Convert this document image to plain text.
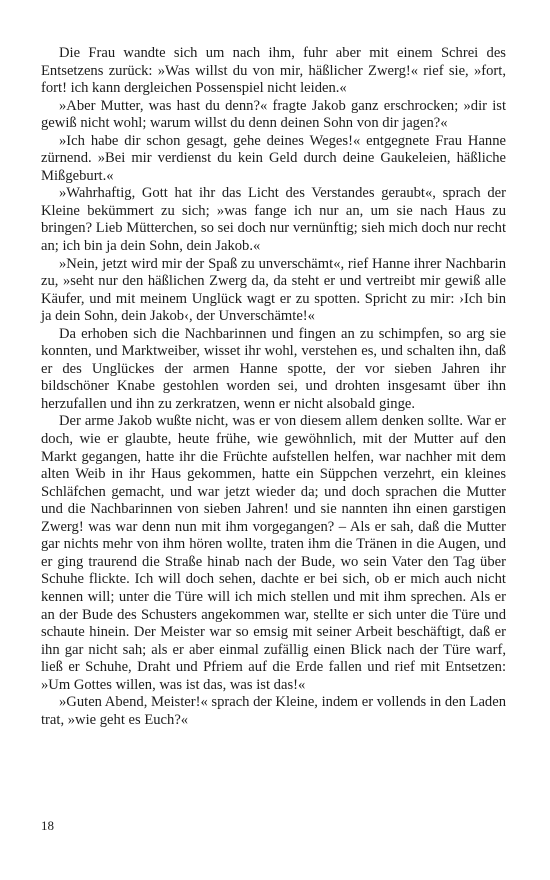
Die Frau wandte sich um nach ihm, fuhr aber mit einem Schrei des Entsetzens zurück: »Was willst du von mir, häßlicher Zwerg!« rief sie, »fort, fort! ich kann dergleichen Possenspiel nicht leiden.«

»Aber Mutter, was hast du denn?« fragte Jakob ganz erschrocken; »dir ist gewiß nicht wohl; warum willst du denn deinen Sohn von dir jagen?«

»Ich habe dir schon gesagt, gehe deines Weges!« entgegnete Frau Hanne zürnend. »Bei mir verdienst du kein Geld durch deine Gaukeleien, häßliche Mißgeburt.«

»Wahrhaftig, Gott hat ihr das Licht des Verstandes geraubt«, sprach der Kleine bekümmert zu sich; »was fange ich nur an, um sie nach Haus zu bringen? Lieb Mütterchen, so sei doch nur vernünftig; sieh mich doch nur recht an; ich bin ja dein Sohn, dein Jakob.«

»Nein, jetzt wird mir der Spaß zu unverschämt«, rief Hanne ihrer Nachbarin zu, »seht nur den häßlichen Zwerg da, da steht er und vertreibt mir gewiß alle Käufer, und mit meinem Unglück wagt er zu spotten. Spricht zu mir: ›Ich bin ja dein Sohn, dein Jakob‹, der Unverschämte!«

Da erhoben sich die Nachbarinnen und fingen an zu schimpfen, so arg sie konnten, und Marktweiber, wisset ihr wohl, verstehen es, und schalten ihn, daß er des Unglückes der armen Hanne spotte, der vor sieben Jahren ihr bildschöner Knabe gestohlen worden sei, und drohten insgesamt über ihn herzufallen und ihn zu zerkratzen, wenn er nicht alsobald ginge.

Der arme Jakob wußte nicht, was er von diesem allem denken sollte. War er doch, wie er glaubte, heute frühe, wie gewöhnlich, mit der Mutter auf den Markt gegangen, hatte ihr die Früchte aufstellen helfen, war nachher mit dem alten Weib in ihr Haus gekommen, hatte ein Süppchen verzehrt, ein kleines Schläfchen gemacht, und war jetzt wieder da; und doch sprachen die Mutter und die Nachbarinnen von sieben Jahren! und sie nannten ihn einen garstigen Zwerg! was war denn nun mit ihm vorgegangen? – Als er sah, daß die Mutter gar nichts mehr von ihm hören wollte, traten ihm die Tränen in die Augen, und er ging traurend die Straße hinab nach der Bude, wo sein Vater den Tag über Schuhe flickte. Ich will doch sehen, dachte er bei sich, ob er mich auch nicht kennen will; unter die Türe will ich mich stellen und mit ihm sprechen. Als er an der Bude des Schusters angekommen war, stellte er sich unter die Türe und schaute hinein. Der Meister war so emsig mit seiner Arbeit beschäftigt, daß er ihn gar nicht sah; als er aber einmal zufällig einen Blick nach der Türe warf, ließ er Schuhe, Draht und Pfriem auf die Erde fallen und rief mit Entsetzen: »Um Gottes willen, was ist das, was ist das!«

»Guten Abend, Meister!« sprach der Kleine, indem er vollends in den Laden trat, »wie geht es Euch?«

18
